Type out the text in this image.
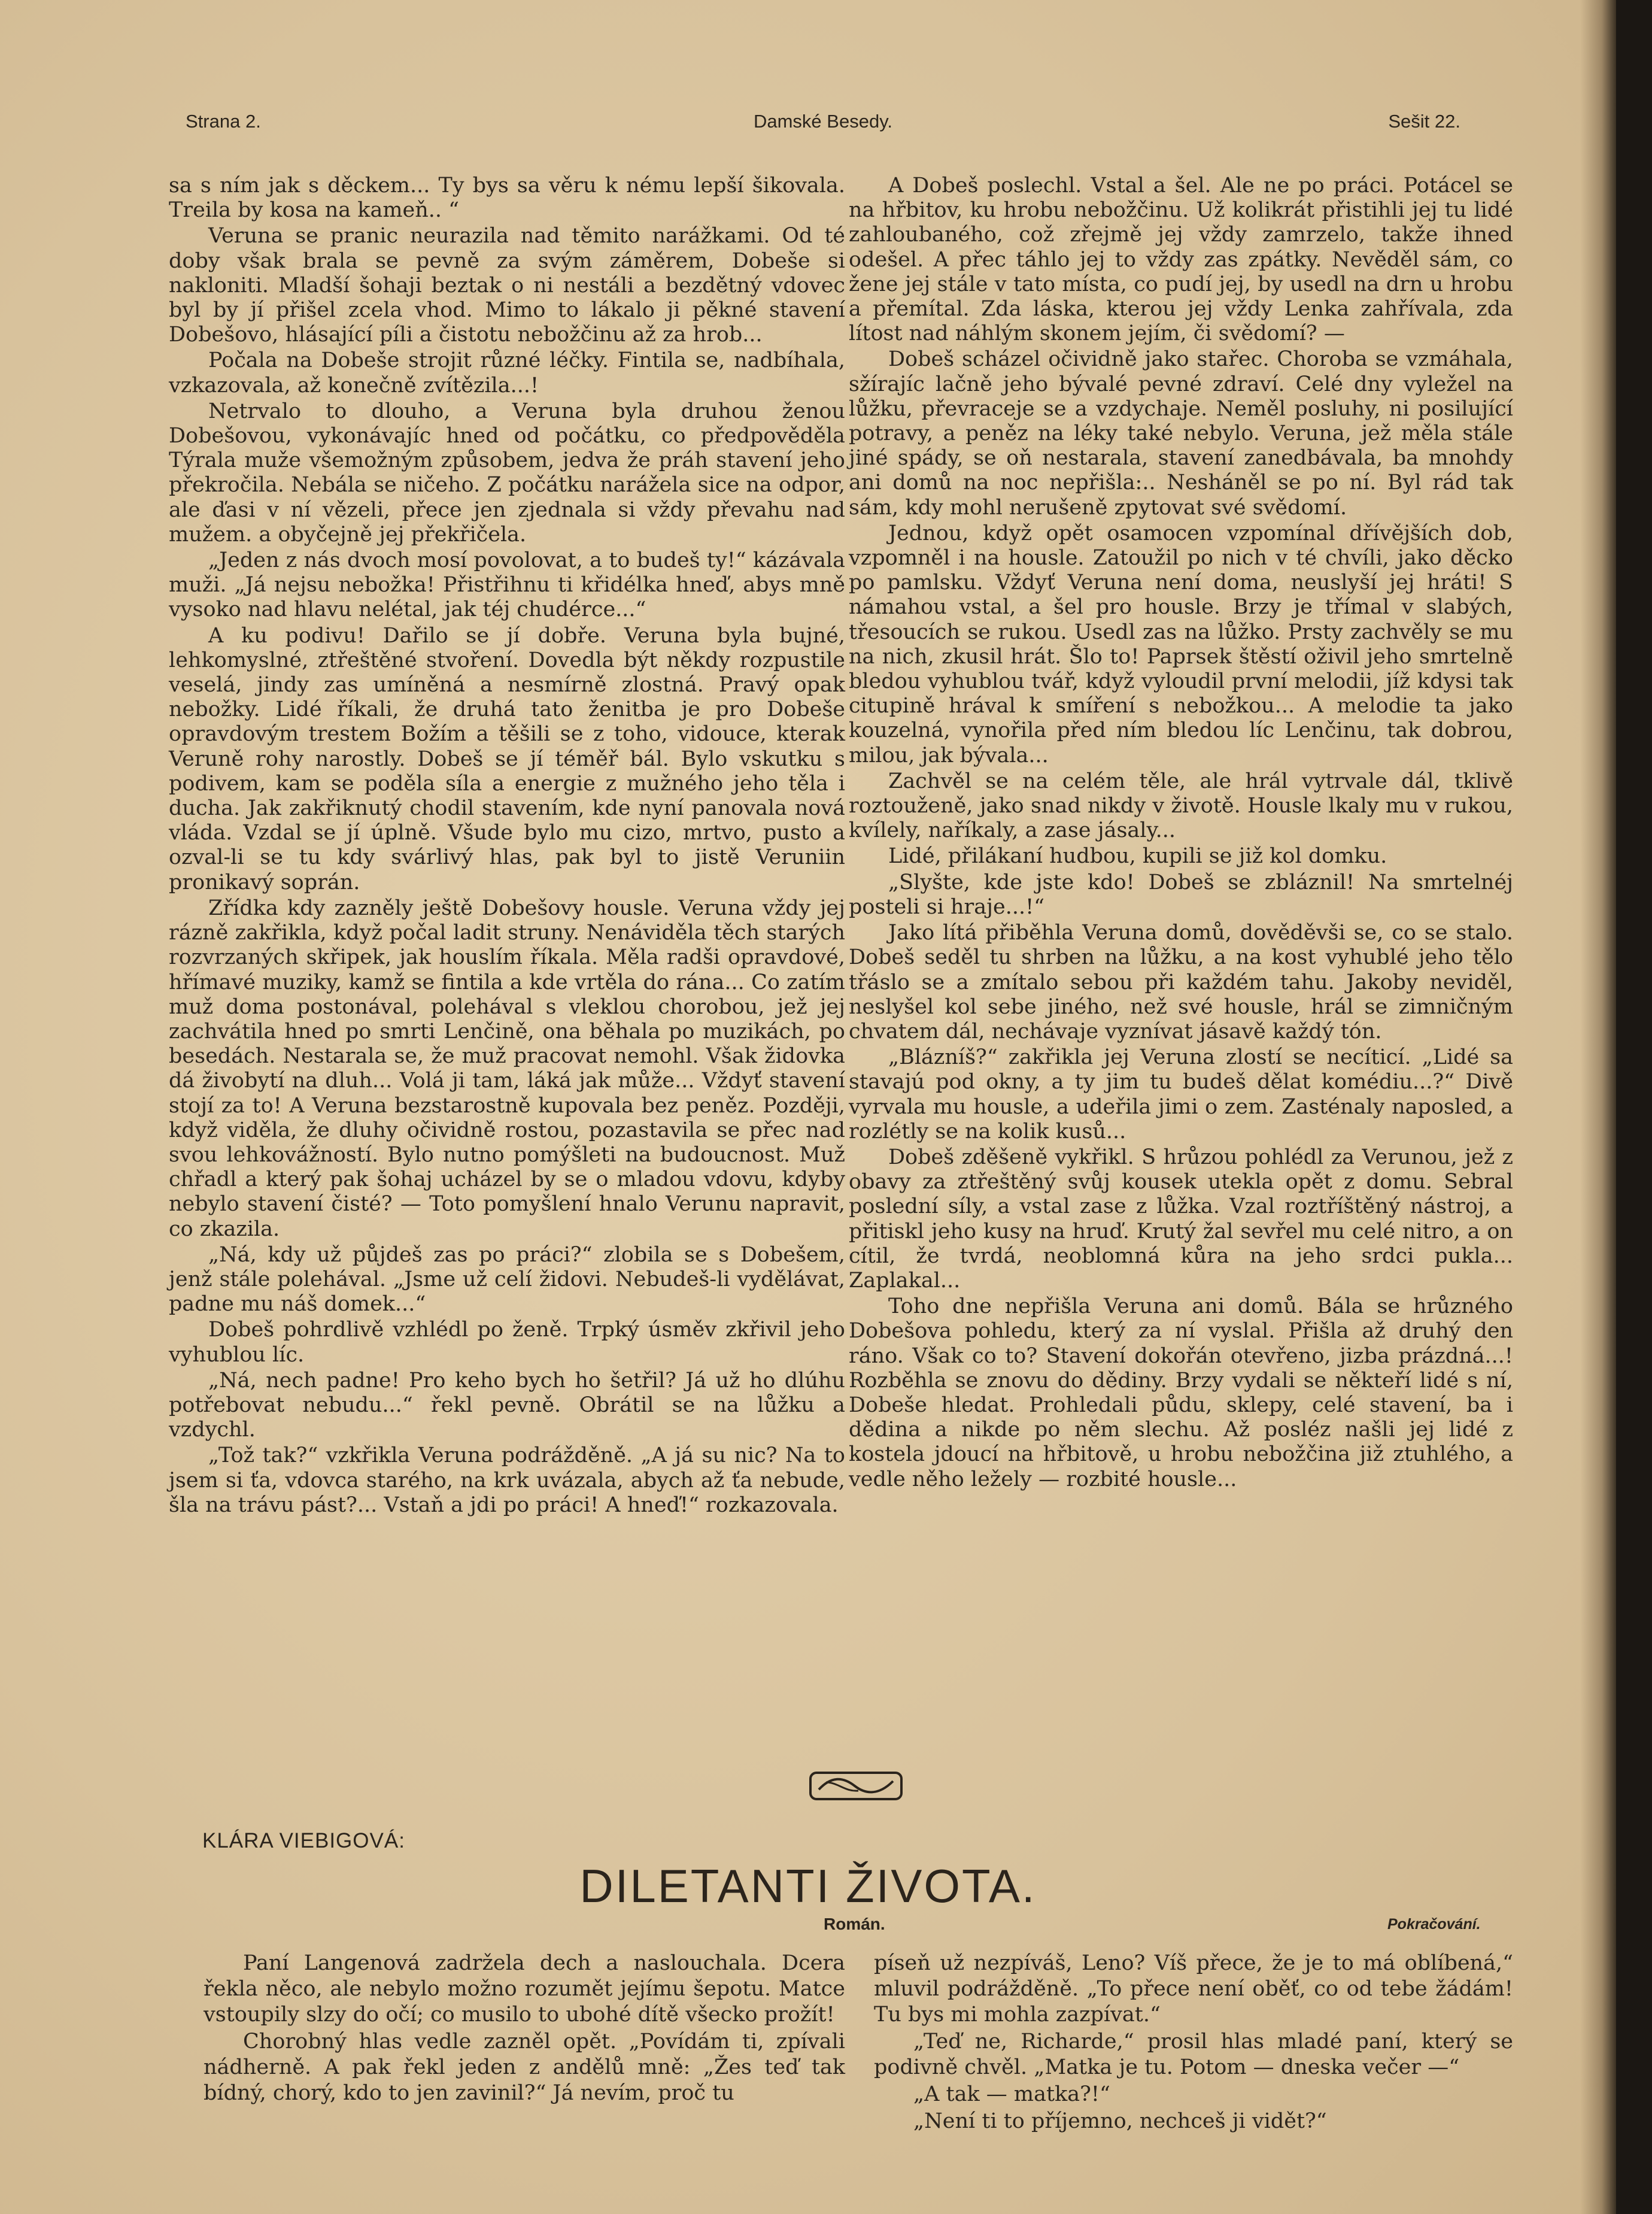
Strana 2.	Damské Besedy.	Sešit 22.

sa s ním jak s děckem... Ty bys sa věru k nému lepší šikovala. Treila by kosa na kameň.. “

Veruna se pranic neurazila nad těmito narážkami. Od té doby však brala se pevně za svým záměrem, Dobeše si nakloniti. Mladší šohaji beztak o ni nestáli a bezdětný vdovec byl by jí přišel zcela vhod. Mimo to lákalo ji pěkné stavení Dobešovo, hlásající píli a čistotu nebožčinu až za hrob...

Počala na Dobeše strojit různé léčky. Fintila se, nadbíhala, vzkazovala, až konečně zvítězila...!

Netrvalo to dlouho, a Veruna byla druhou ženou Dobešovou, vykonávajíc hned od počátku, co předpověděla Týrala muže všemožným způsobem, jedva že práh stavení jeho překročila. Nebála se ničeho. Z počátku narážela sice na odpor, ale ďasi v ní vězeli, přece jen zjednala si vždy převahu nad mužem. a obyčejně jej překřičela.

„Jeden z nás dvoch mosí povolovat, a to budeš ty!“ kázávala muži. „Já nejsu nebožka! Přistřihnu ti křidélka hneď, abys mně vysoko nad hlavu nelétal, jak téj chudérce...“

A ku podivu! Dařilo se jí dobře. Veruna byla bujné, lehkomyslné, ztřeštěné stvoření. Dovedla být někdy rozpustile veselá, jindy zas umíněná a nesmírně zlostná. Pravý opak nebožky. Lidé říkali, že druhá tato ženitba je pro Dobeše opravdovým trestem Božím a těšili se z toho, vidouce, kterak Veruně rohy narostly. Dobeš se jí téměř bál. Bylo vskutku s podivem, kam se poděla síla a energie z mužného jeho těla i ducha. Jak zakřiknutý chodil stavením, kde nyní panovala nová vláda. Vzdal se jí úplně. Všude bylo mu cizo, mrtvo, pusto a ozval-li se tu kdy svárlivý hlas, pak byl to jistě Veruniin pronikavý soprán.

Zřídka kdy zazněly ještě Dobešovy housle. Veruna vždy jej rázně zakřikla, když počal ladit struny. Nenáviděla těch starých rozvrzaných skřipek, jak houslím říkala. Měla radši opravdové, hřímavé muziky, kamž se fintila a kde vrtěla do rána... Co zatím muž doma postonával, polehával s vleklou chorobou, jež jej zachvátila hned po smrti Lenčině, ona běhala po muzikách, po besedách. Nestarala se, že muž pracovat nemohl. Však židovka dá živobytí na dluh... Volá ji tam, láká jak může... Vždyť stavení stojí za to! A Veruna bezstarostně kupovala bez peněz. Později, když viděla, že dluhy očividně rostou, pozastavila se přec nad svou lehkovážností. Bylo nutno pomýšleti na budoucnost. Muž chřadl a který pak šohaj ucházel by se o mladou vdovu, kdyby nebylo stavení čisté? — Toto pomyšlení hnalo Verunu napravit, co zkazila.

„Ná, kdy už půjdeš zas po práci?“ zlobila se s Dobešem, jenž stále polehával. „Jsme už celí židovi. Nebudeš-li vydělávat, padne mu náš domek...“

Dobeš pohrdlivě vzhlédl po ženě. Trpký úsměv zkřivil jeho vyhublou líc.

„Ná, nech padne! Pro keho bych ho šetřil? Já už ho dlúhu potřebovat nebudu...“ řekl pevně. Obrátil se na lůžku a vzdychl.

„Tož tak?“ vzkřikla Veruna podrážděně. „A já su nic? Na to jsem si ťa, vdovca starého, na krk uvázala, abych až ťa nebude, šla na trávu pást?... Vstaň a jdi po práci! A hneď!“ rozkazovala.

A Dobeš poslechl. Vstal a šel. Ale ne po práci. Potácel se na hřbitov, ku hrobu nebožčinu. Už kolikrát přistihli jej tu lidé zahloubaného, což zřejmě jej vždy zamrzelo, takže ihned odešel. A přec táhlo jej to vždy zas zpátky. Nevěděl sám, co žene jej stále v tato místa, co pudí jej, by usedl na drn u hrobu a přemítal. Zda láska, kterou jej vždy Lenka zahřívala, zda lítost nad náhlým skonem jejím, či svědomí? —

Dobeš scházel očividně jako stařec. Choroba se vzmáhala, sžírajíc lačně jeho bývalé pevné zdraví. Celé dny vyležel na lůžku, převraceje se a vzdychaje. Neměl posluhy, ni posilující potravy, a peněz na léky také nebylo. Veruna, jež měla stále jiné spády, se oň nestarala, stavení zanedbávala, ba mnohdy ani domů na noc nepřišla:.. Nesháněl se po ní. Byl rád tak sám, kdy mohl nerušeně zpytovat své svědomí.

Jednou, když opět osamocen vzpomínal dřívějších dob, vzpomněl i na housle. Zatoužil po nich v té chvíli, jako děcko po pamlsku. Vždyť Veruna není doma, neuslyší jej hráti! S námahou vstal, a šel pro housle. Brzy je třímal v slabých, třesoucích se rukou. Usedl zas na lůžko. Prsty zachvěly se mu na nich, zkusil hrát. Šlo to! Paprsek štěstí oživil jeho smrtelně bledou vyhublou tvář, když vyloudil první melodii, jíž kdysi tak citupině hrával k smíření s nebožkou... A melodie ta jako kouzelná, vynořila před ním bledou líc Lenčinu, tak dobrou, milou, jak bývala...

Zachvěl se na celém těle, ale hrál vytrvale dál, tklivě roztouženě, jako snad nikdy v životě. Housle lkaly mu v rukou, kvílely, naříkaly, a zase jásaly...

Lidé, přilákaní hudbou, kupili se již kol domku.

„Slyšte, kde jste kdo! Dobeš se zbláznil! Na smrtelnéj posteli si hraje...!“

Jako lítá přiběhla Veruna domů, dověděvši se, co se stalo. Dobeš seděl tu shrben na lůžku, a na kost vyhublé jeho tělo třáslo se a zmítalo sebou při každém tahu. Jakoby neviděl, neslyšel kol sebe jiného, než své housle, hrál se zimničným chvatem dál, nechávaje vyznívat jásavě každý tón.

„Blázníš?“ zakřikla jej Veruna zlostí se necíticí. „Lidé sa stavajú pod okny, a ty jim tu budeš dělat komédiu...?“ Divě vyrvala mu housle, a udeřila jimi o zem. Zasténaly naposled, a rozlétly se na kolik kusů...

Dobeš zděšeně vykřikl. S hrůzou pohlédl za Verunou, jež z obavy za ztřeštěný svůj kousek utekla opět z domu. Sebral poslední síly, a vstal zase z lůžka. Vzal roztříštěný nástroj, a přitiskl jeho kusy na hruď. Krutý žal sevřel mu celé nitro, a on cítil, že tvrdá, neoblomná kůra na jeho srdci pukla... Zaplakal...

Toho dne nepřišla Veruna ani domů. Bála se hrůzného Dobešova pohledu, který za ní vyslal. Přišla až druhý den ráno. Však co to? Stavení dokořán otevřeno, jizba prázdná...! Rozběhla se znovu do dědiny. Brzy vydali se někteří lidé s ní, Dobeše hledat. Prohledali půdu, sklepy, celé stavení, ba i dědina a nikde po něm slechu. Až posléz našli jej lidé z kostela jdoucí na hřbitově, u hrobu nebožčina již ztuhlého, a vedle něho ležely — rozbité housle...

KLÁRA VIEBIGOVÁ:
DILETANTI ŽIVOTA.
Román.	Pokračování.

Paní Langenová zadržela dech a naslouchala. Dcera řekla něco, ale nebylo možno rozumět jejímu šepotu. Matce vstoupily slzy do očí; co musilo to ubohé dítě všecko prožít!

Chorobný hlas vedle zazněl opět. „Povídám ti, zpívali nádherně. A pak řekl jeden z andělů mně: „Žes teď tak bídný, chorý, kdo to jen zavinil?“ Já nevím, proč tu

píseň už nezpíváš, Leno? Víš přece, že je to má oblíbená,“ mluvil podrážděně. „To přece není oběť, co od tebe žádám! Tu bys mi mohla zazpívat.“

„Teď ne, Richarde,“ prosil hlas mladé paní, který se podivně chvěl. „Matka je tu. Potom — dneska večer —“

„A tak — matka?!“

„Není ti to příjemno, nechceš ji vidět?“
